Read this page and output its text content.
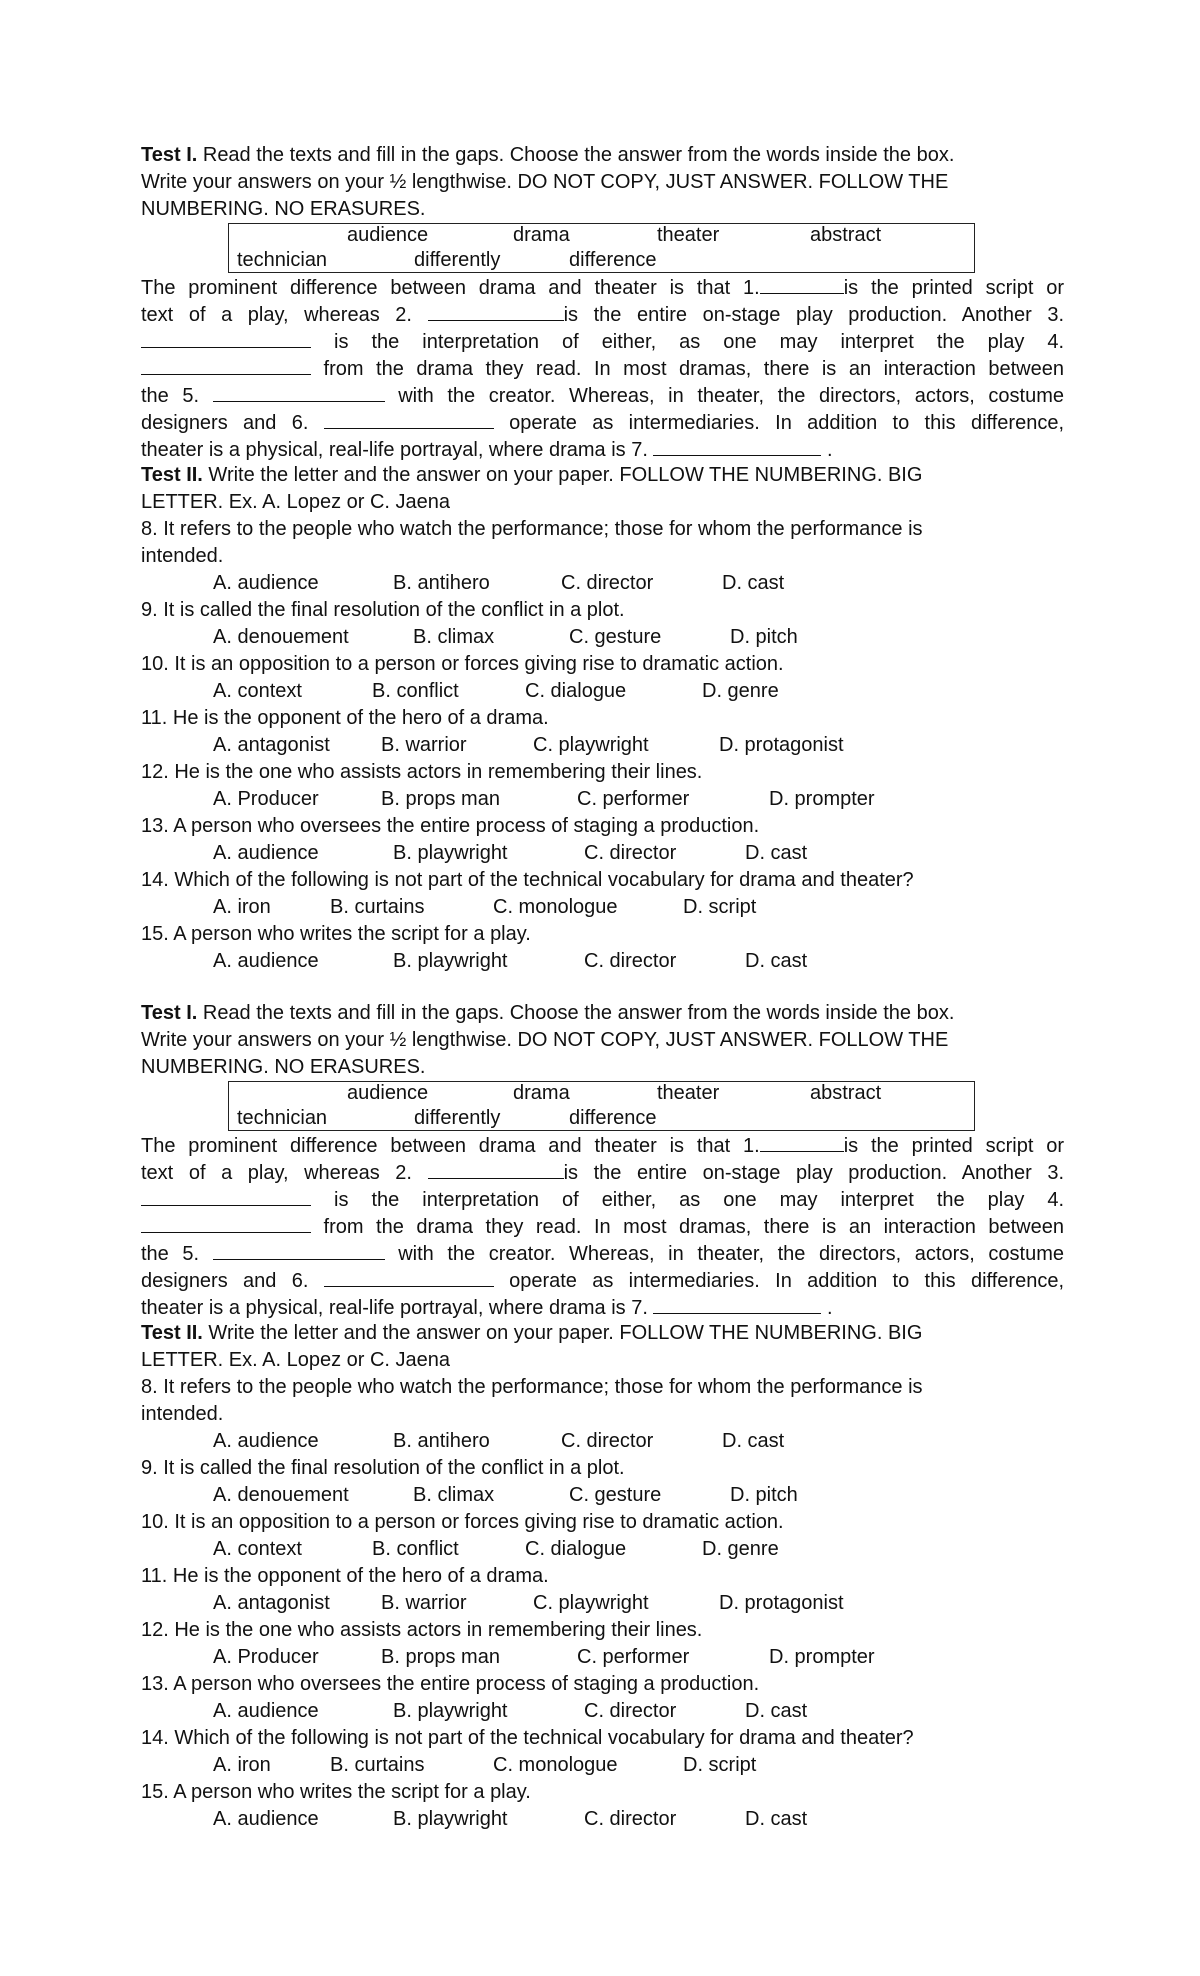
Test I. Read the texts and fill in the gaps. Choose the answer from the words inside the box.
Write your answers on your ½ lengthwise. DO NOT COPY, JUST ANSWER. FOLLOW THE
NUMBERING. NO ERASURES.
audience	drama	theater	abstract
technician	differently	difference
The prominent difference between drama and theater is that 1.	is the printed script or
text of a play, whereas 2.	is the entire on-stage play production. Another 3.
is the interpretation of either, as one may interpret the play 4.
from the drama they read. In most dramas, there is an interaction between
the 5.	with the creator. Whereas, in theater, the directors, actors, costume
designers and 6.	operate as intermediaries. In addition to this difference,
theater is a physical, real-life portrayal, where drama is 7.	.
Test II. Write the letter and the answer on your paper. FOLLOW THE NUMBERING. BIG
LETTER. Ex. A. Lopez or C. Jaena
8. It refers to the people who watch the performance; those for whom the performance is
intended.
A. audience	B. antihero	C. director	D. cast
9. It is called the final resolution of the conflict in a plot.
A. denouement	B. climax	C. gesture	D. pitch
10. It is an opposition to a person or forces giving rise to dramatic action.
A. context	B. conflict	C. dialogue	D. genre
11. He is the opponent of the hero of a drama.
A. antagonist	B. warrior	C. playwright	D. protagonist
12. He is the one who assists actors in remembering their lines.
A. Producer	B. props man	C. performer	D. prompter
13. A person who oversees the entire process of staging a production.
A. audience	B. playwright	C. director	D. cast
14. Which of the following is not part of the technical vocabulary for drama and theater?
A. iron	B. curtains	C. monologue	D. script
15. A person who writes the script for a play.
A. audience	B. playwright	C. director	D. cast
Test I. Read the texts and fill in the gaps. Choose the answer from the words inside the box.
Write your answers on your ½ lengthwise. DO NOT COPY, JUST ANSWER. FOLLOW THE
NUMBERING. NO ERASURES.
audience	drama	theater	abstract
technician	differently	difference
The prominent difference between drama and theater is that 1.	is the printed script or
text of a play, whereas 2.	is the entire on-stage play production. Another 3.
is the interpretation of either, as one may interpret the play 4.
from the drama they read. In most dramas, there is an interaction between
the 5.	with the creator. Whereas, in theater, the directors, actors, costume
designers and 6.	operate as intermediaries. In addition to this difference,
theater is a physical, real-life portrayal, where drama is 7.	.
Test II. Write the letter and the answer on your paper. FOLLOW THE NUMBERING. BIG
LETTER. Ex. A. Lopez or C. Jaena
8. It refers to the people who watch the performance; those for whom the performance is
intended.
A. audience	B. antihero	C. director	D. cast
9. It is called the final resolution of the conflict in a plot.
A. denouement	B. climax	C. gesture	D. pitch
10. It is an opposition to a person or forces giving rise to dramatic action.
A. context	B. conflict	C. dialogue	D. genre
11. He is the opponent of the hero of a drama.
A. antagonist	B. warrior	C. playwright	D. protagonist
12. He is the one who assists actors in remembering their lines.
A. Producer	B. props man	C. performer	D. prompter
13. A person who oversees the entire process of staging a production.
A. audience	B. playwright	C. director	D. cast
14. Which of the following is not part of the technical vocabulary for drama and theater?
A. iron	B. curtains	C. monologue	D. script
15. A person who writes the script for a play.
A. audience	B. playwright	C. director	D. cast
